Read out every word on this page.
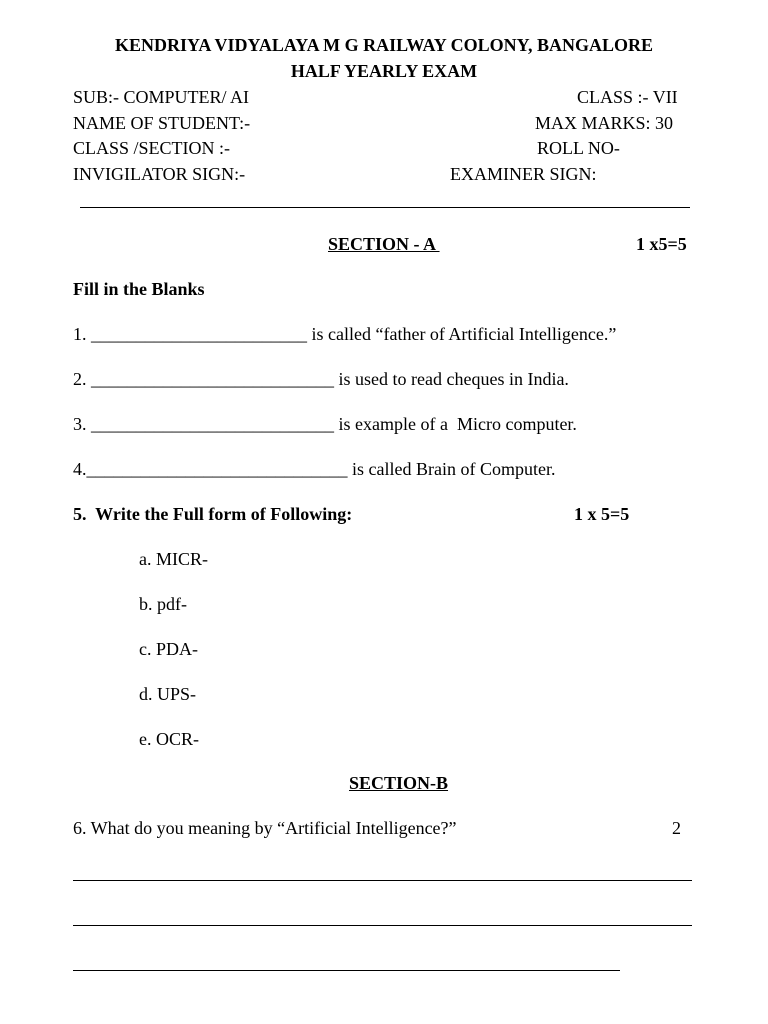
KENDRIYA VIDYALAYA M G RAILWAY COLONY, BANGALORE
HALF YEARLY EXAM
SUB:- COMPUTER/ AI	CLASS :- VII
NAME OF STUDENT:-	MAX MARKS: 30
CLASS /SECTION :-	ROLL NO-
INVIGILATOR SIGN:-	EXAMINER SIGN:
SECTION - A	1 x5=5
Fill in the Blanks
1. ________________________ is called “father of Artificial Intelligence.”
2. ___________________________ is used to read cheques in India.
3. ___________________________ is example of a  Micro computer.
4._____________________________ is called Brain of Computer.
5.  Write the Full form of Following:	1 x 5=5
a. MICR-
b. pdf-
c. PDA-
d. UPS-
e. OCR-
SECTION-B
6. What do you meaning by “Artificial Intelligence?”	2
